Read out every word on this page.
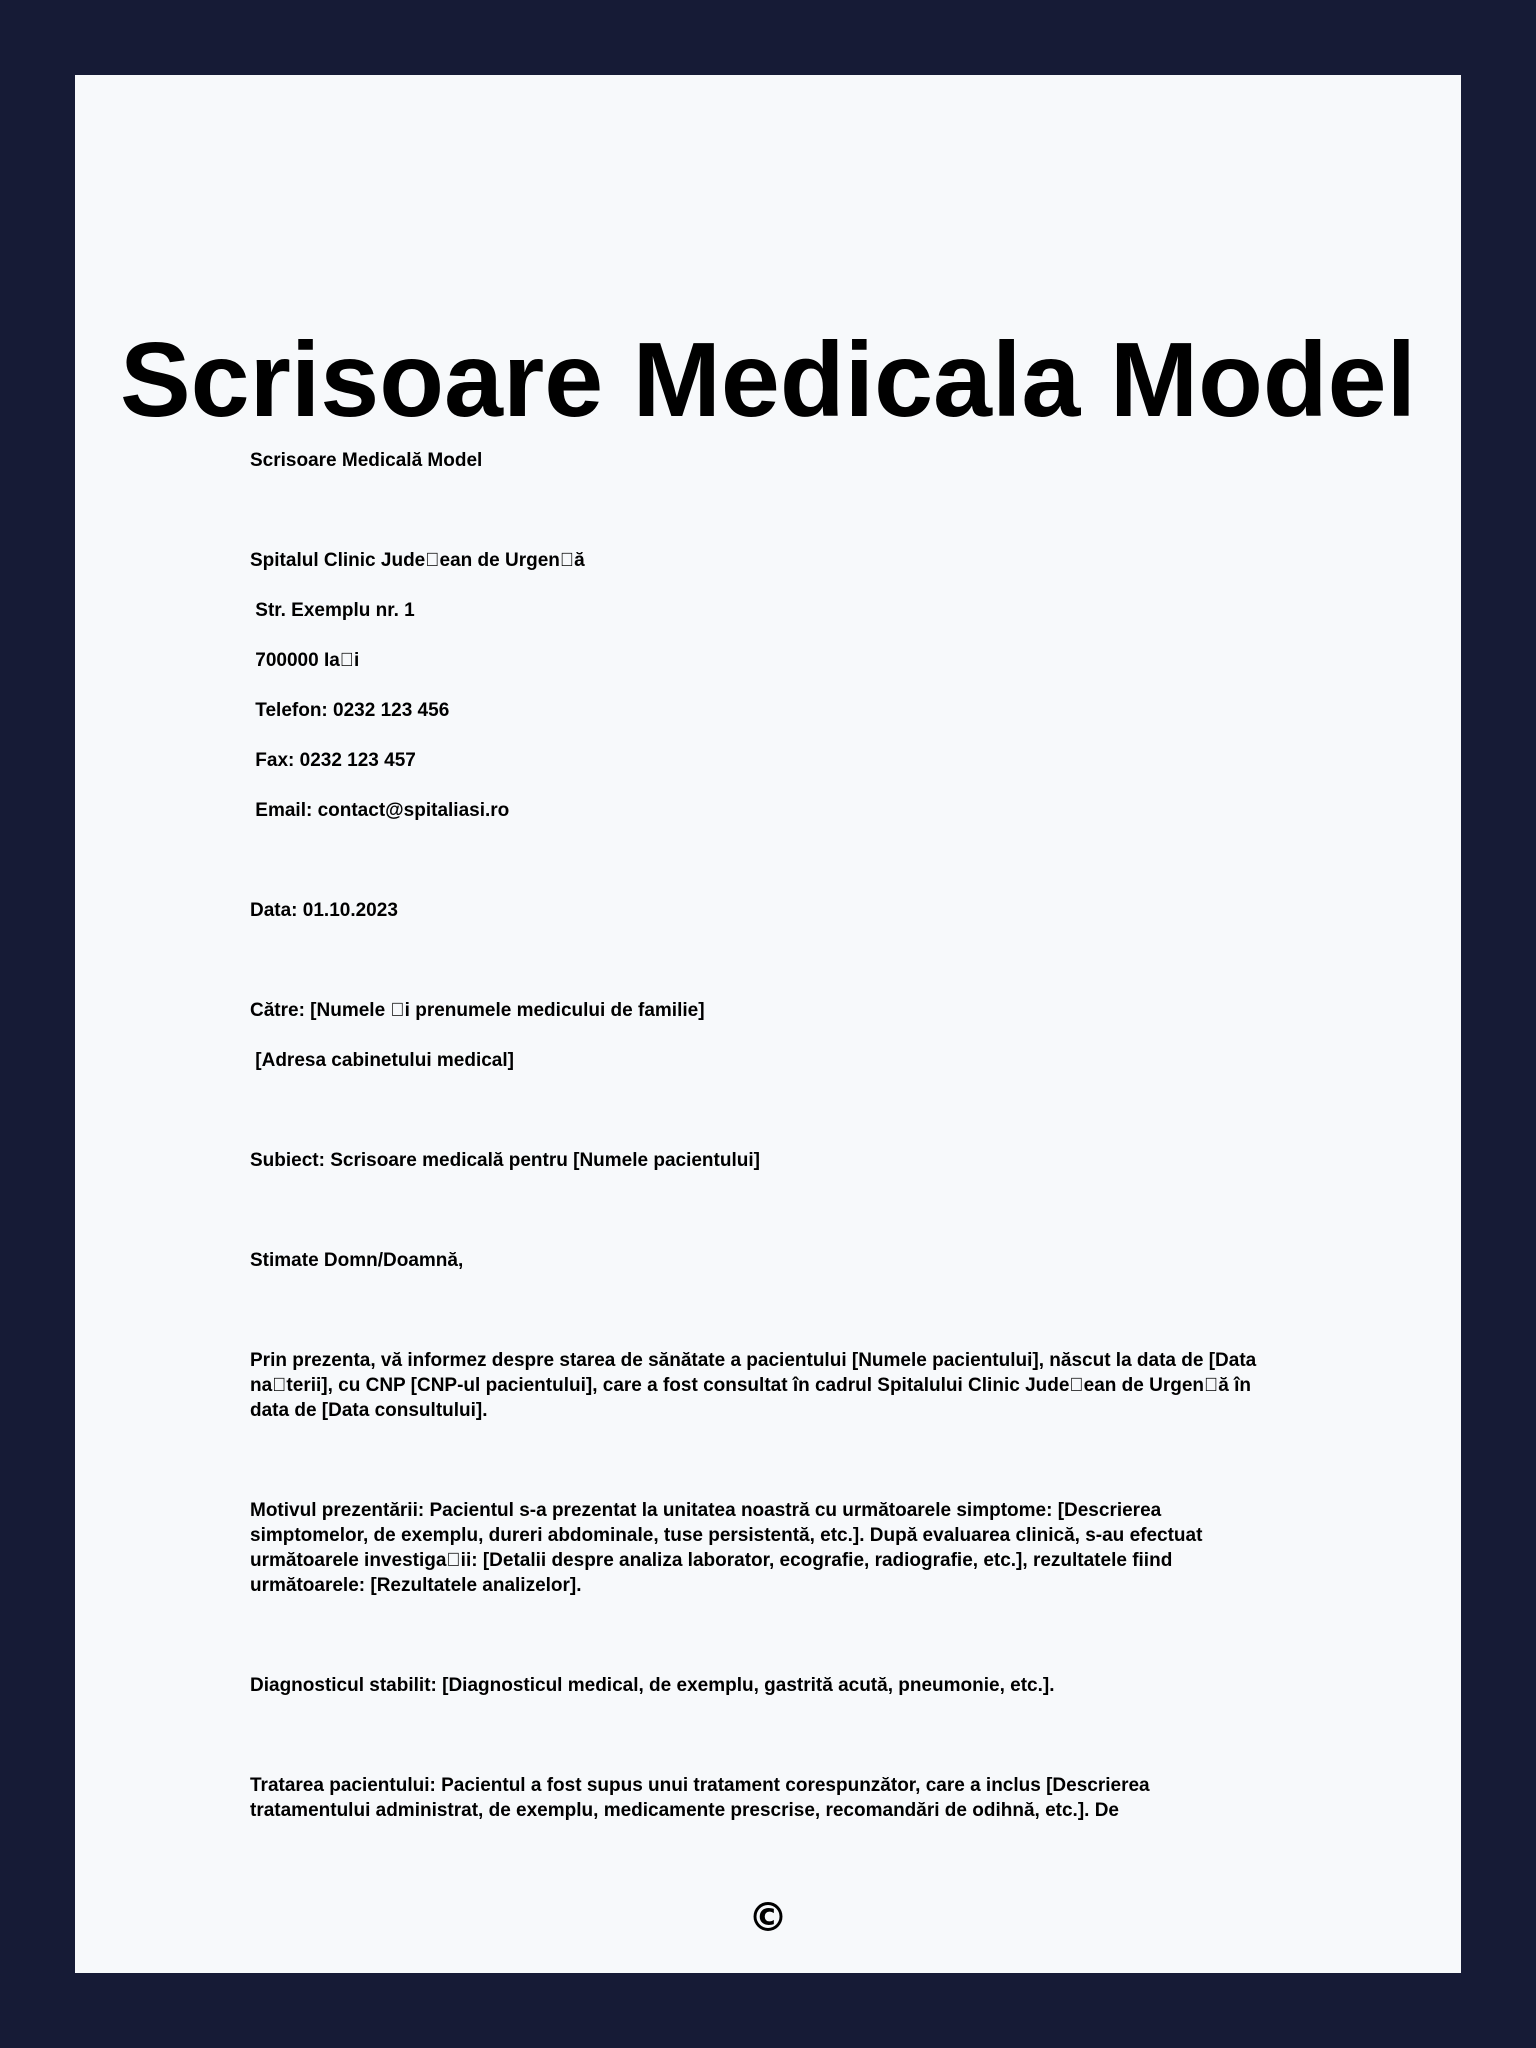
Scrisoare Medicala Model

Scrisoare Medicală Model

Spitalul Clinic Jude ean de Urgen ă

Str. Exemplu nr. 1

700000 Ia i

Telefon: 0232 123 456

Fax: 0232 123 457

Email: contact@spitaliasi.ro

Data: 01.10.2023

Către: [Numele  i prenumele medicului de familie]

[Adresa cabinetului medical]

Subiect: Scrisoare medicală pentru [Numele pacientului]

Stimate Domn/Doamnă,

Prin prezenta, vă informez despre starea de sănătate a pacientului [Numele pacientului], născut la data de [Data na terii], cu CNP [CNP-ul pacientului], care a fost consultat în cadrul Spitalului Clinic Jude ean de Urgen ă în data de [Data consultului].

Motivul prezentării: Pacientul s-a prezentat la unitatea noastră cu următoarele simptome: [Descrierea simptomelor, de exemplu, dureri abdominale, tuse persistentă, etc.]. După evaluarea clinică, s-au efectuat următoarele investiga ii: [Detalii despre analiza laborator, ecografie, radiografie, etc.], rezultatele fiind următoarele: [Rezultatele analizelor].

Diagnosticul stabilit: [Diagnosticul medical, de exemplu, gastrită acută, pneumonie, etc.].

Tratarea pacientului: Pacientul a fost supus unui tratament corespunzător, care a inclus [Descrierea tratamentului administrat, de exemplu, medicamente prescrise, recomandări de odihnă, etc.]. De

©
